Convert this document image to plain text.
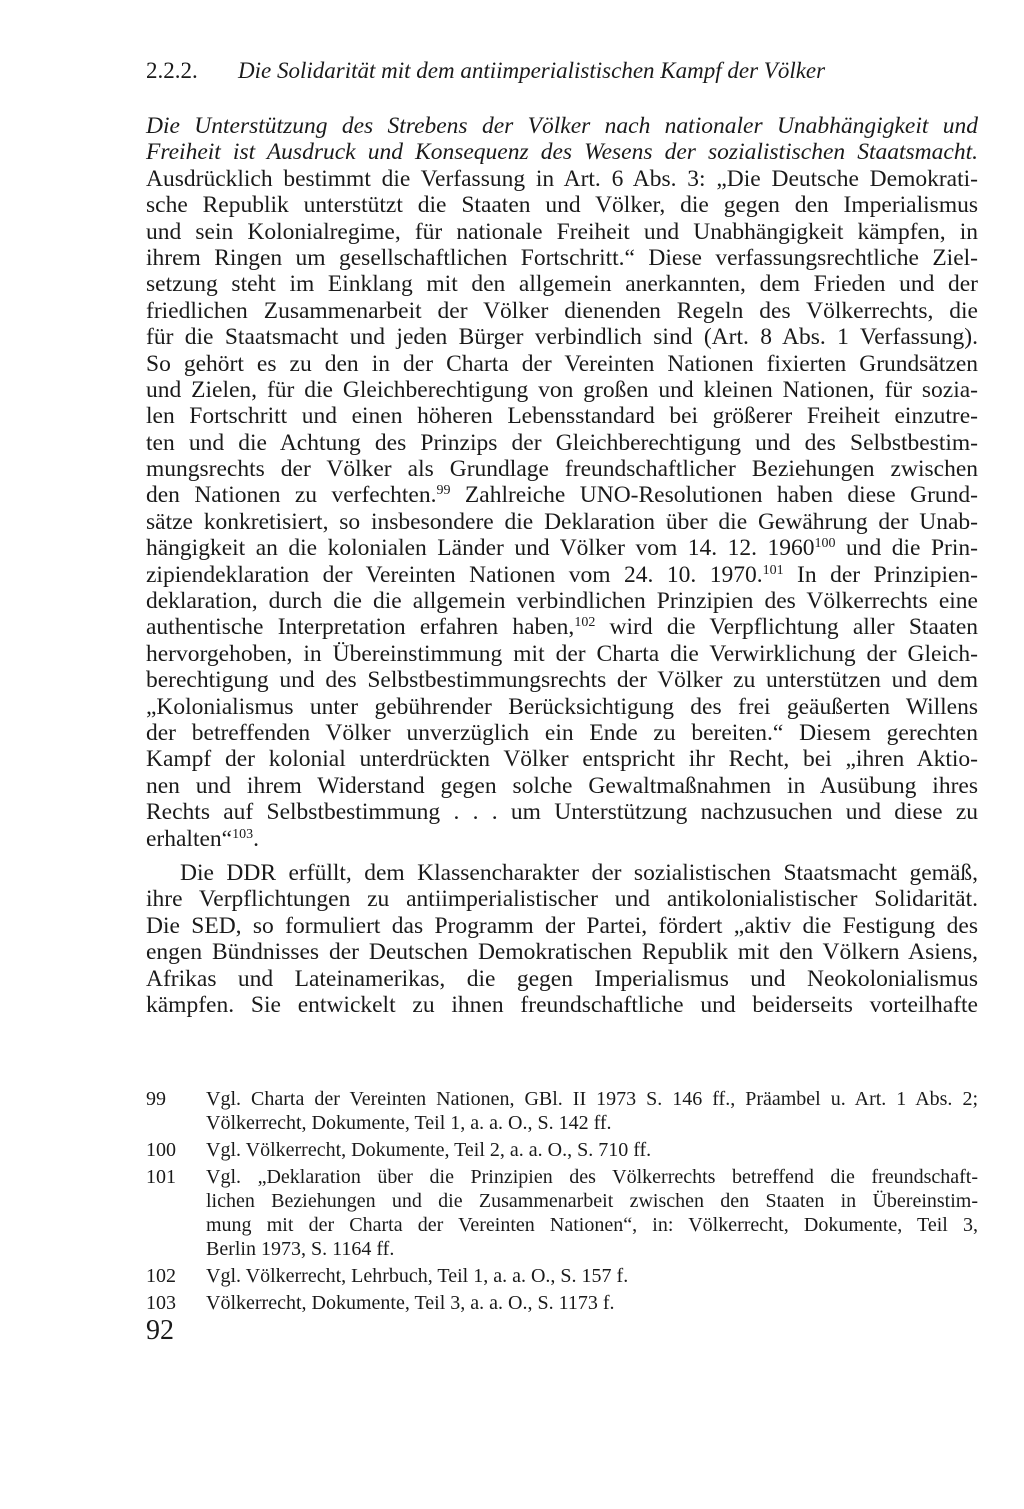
2.2.2. Die Solidarität mit dem antiimperialistischen Kampf der Völker
Die Unterstützung des Strebens der Völker nach nationaler Unabhängigkeit und
Freiheit ist Ausdruck und Konsequenz des Wesens der sozialistischen Staatsmacht.
Ausdrücklich bestimmt die Verfassung in Art. 6 Abs. 3: „Die Deutsche Demokrati-
sche Republik unterstützt die Staaten und Völker, die gegen den Imperialismus
und sein Kolonialregime, für nationale Freiheit und Unabhängigkeit kämpfen, in
ihrem Ringen um gesellschaftlichen Fortschritt.“ Diese verfassungsrechtliche Ziel-
setzung steht im Einklang mit den allgemein anerkannten, dem Frieden und der
friedlichen Zusammenarbeit der Völker dienenden Regeln des Völkerrechts, die
für die Staatsmacht und jeden Bürger verbindlich sind (Art. 8 Abs. 1 Verfassung).
So gehört es zu den in der Charta der Vereinten Nationen fixierten Grundsätzen
und Zielen, für die Gleichberechtigung von großen und kleinen Nationen, für sozia-
len Fortschritt und einen höheren Lebensstandard bei größerer Freiheit einzutre-
ten und die Achtung des Prinzips der Gleichberechtigung und des Selbstbestim-
mungsrechts der Völker als Grundlage freundschaftlicher Beziehungen zwischen
den Nationen zu verfechten.$^{99}$ Zahlreiche UNO-Resolutionen haben diese Grund-
sätze konkretisiert, so insbesondere die Deklaration über die Gewährung der Unab-
hängigkeit an die kolonialen Länder und Völker vom 14. 12. 1960$^{100}$ und die Prin-
zipiendeklaration der Vereinten Nationen vom 24. 10. 1970.$^{101}$ In der Prinzipien-
deklaration, durch die die allgemein verbindlichen Prinzipien des Völkerrechts eine
authentische Interpretation erfahren haben,$^{102}$ wird die Verpflichtung aller Staaten
hervorgehoben, in Übereinstimmung mit der Charta die Verwirklichung der Gleich-
berechtigung und des Selbstbestimmungsrechts der Völker zu unterstützen und dem
„Kolonialismus unter gebührender Berücksichtigung des frei geäußerten Willens
der betreffenden Völker unverzüglich ein Ende zu bereiten.“ Diesem gerechten
Kampf der kolonial unterdrückten Völker entspricht ihr Recht, bei „ihren Aktio-
nen und ihrem Widerstand gegen solche Gewaltmaßnahmen in Ausübung ihres
Rechts auf Selbstbestimmung . . . um Unterstützung nachzusuchen und diese zu
erhalten“$^{103}$.
Die DDR erfüllt, dem Klassencharakter der sozialistischen Staatsmacht gemäß,
ihre Verpflichtungen zu antiimperialistischer und antikolonialistischer Solidarität.
Die SED, so formuliert das Programm der Partei, fördert „aktiv die Festigung des
engen Bündnisses der Deutschen Demokratischen Republik mit den Völkern Asiens,
Afrikas und Lateinamerikas, die gegen Imperialismus und Neokolonialismus
kämpfen. Sie entwickelt zu ihnen freundschaftliche und beiderseits vorteilhafte
99	Vgl. Charta der Vereinten Nationen, GBl. II 1973 S. 146 ff., Präambel u. Art. 1 Abs. 2;
Völkerrecht, Dokumente, Teil 1, a. a. O., S. 142 ff.
100	Vgl. Völkerrecht, Dokumente, Teil 2, a. a. O., S. 710 ff.
101	Vgl. „Deklaration über die Prinzipien des Völkerrechts betreffend die freundschaft-
lichen Beziehungen und die Zusammenarbeit zwischen den Staaten in Übereinstim-
mung mit der Charta der Vereinten Nationen“, in: Völkerrecht, Dokumente, Teil 3,
Berlin 1973, S. 1164 ff.
102	Vgl. Völkerrecht, Lehrbuch, Teil 1, a. a. O., S. 157 f.
103	Völkerrecht, Dokumente, Teil 3, a. a. O., S. 1173 f.
92
